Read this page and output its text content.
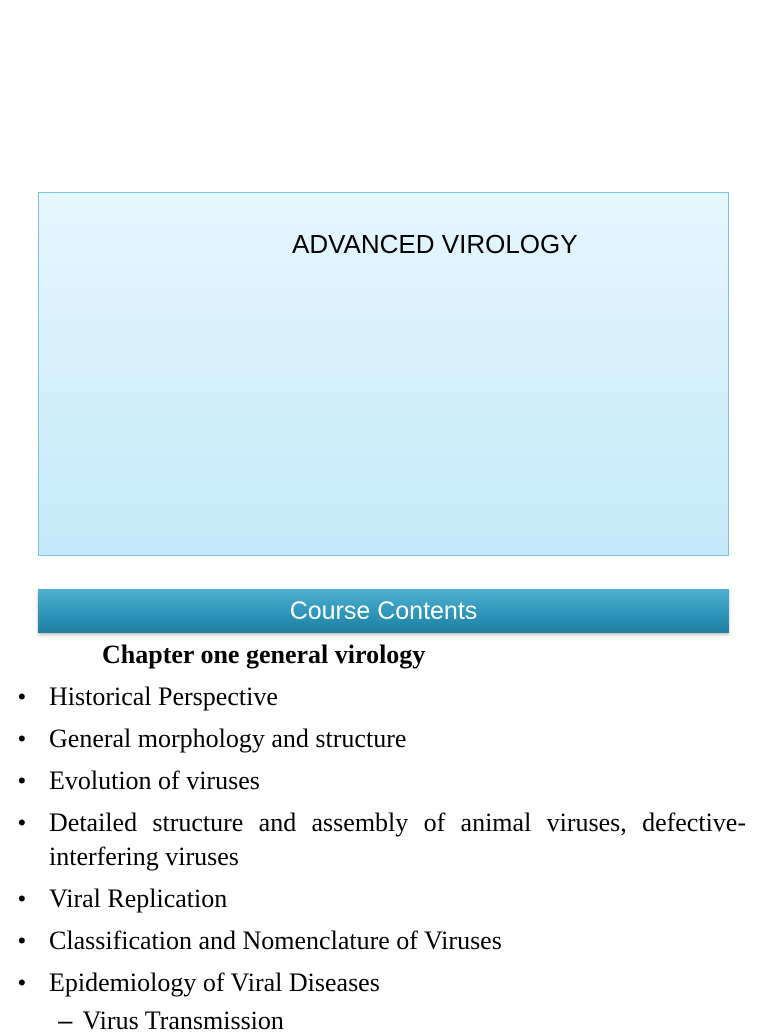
ADVANCED VIROLOGY
Course Contents
Chapter one general virology
• Historical Perspective
• General morphology and structure
• Evolution of viruses
• Detailed structure and assembly of animal viruses, defective-interfering viruses
• Viral Replication
• Classification and Nomenclature of Viruses
• Epidemiology of Viral Diseases
– Virus Transmission
